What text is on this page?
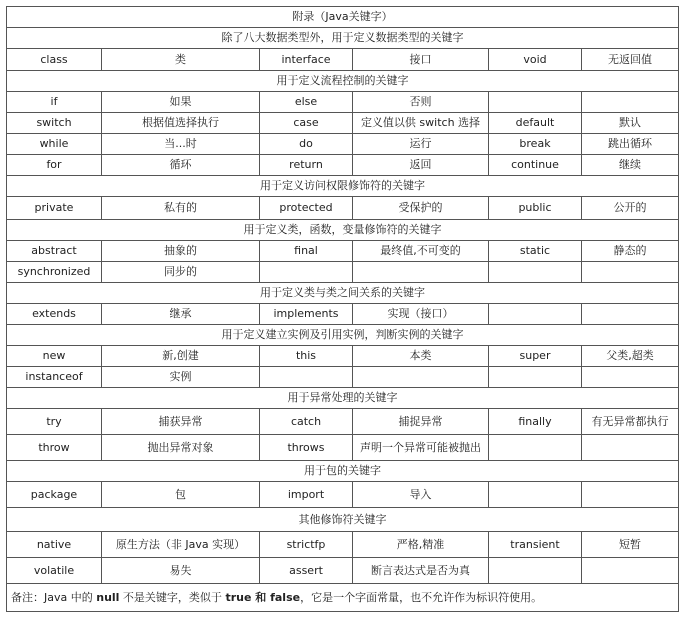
附录（Java关键字）					
除了八大数据类型外，用于定义数据类型的关键字					
class	类	interface	接口	void	无返回值
用于定义流程控制的关键字					
if	如果	else	否则		
switch	根据值选择执行	case	定义值以供 switch 选择	default	默认
while	当...时	do	运行	break	跳出循环
for	循环	return	返回	continue	继续
用于定义访问权限修饰符的关键字					
private	私有的	protected	受保护的	public	公开的
用于定义类，函数，变量修饰符的关键字					
abstract	抽象的	final	最终值,不可变的	static	静态的
synchronized	同步的				
用于定义类与类之间关系的关键字					
extends	继承	implements	实现（接口）		
用于定义建立实例及引用实例，判断实例的关键字					
new	新,创建	this	本类	super	父类,超类
instanceof	实例				
用于异常处理的关键字					
try	捕获异常	catch	捕捉异常	finally	有无异常都执行
throw	抛出异常对象	throws	声明一个异常可能被抛出		
用于包的关键字					
package	包	import	导入		
其他修饰符关键字					
native	原生方法（非 Java 实现）	strictfp	严格,精准	transient	短暂
volatile	易失	assert	断言表达式是否为真		
备注：Java 中的 null 不是关键字，类似于 true 和 false，它是一个字面常量，也不允许作为标识符使用。					
